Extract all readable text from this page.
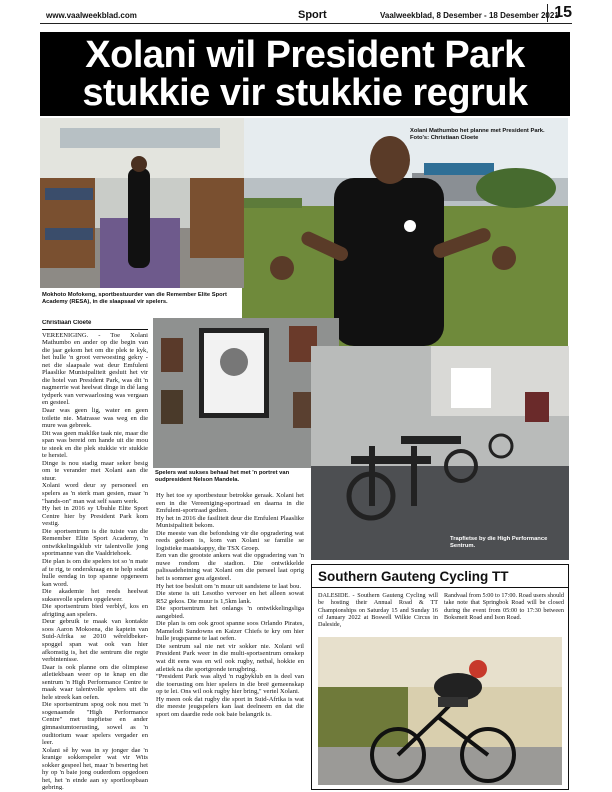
www.vaalweekblad.com	Sport	Vaalweekblad, 8 Desember - 18 Desember 2021
15
Xolani wil President Park
stukkie vir stukkie regruk
Xolani Mathumbo het planne met President Park. Foto's: Christiaan Cloete
Mokhoto Mofokeng, sportbestuurder van die Remember Elite Sport Academy (RESA), in die slaapsaal vir spelers.
Spelers wat sukses behaal het met 'n portret van oudpresident Nelson Mandela.
Trapfietse by die High Performance Sentrum.
Christiaan Cloete

VEREENIGING. - Toe Xolani Mathumbo en ander op die begin van die jaar gekom het om die plek te kyk, het hulle 'n groot verwoesting gekry - net die slaapsale wat deur Emfuleni Plaaslike Munisipaliteit gesluit het vir die hotel van President Park, was dit 'n nagmerrie wat heelwat dinge in dié lang tydperk van verwaarlosing was vergaan en gesteel.

Daar was geen lig, water en geen toilette nie. Matrasse was weg en die mure was gebreek.

Dit was geen maklike taak nie, maar die span was bereid om hande uit die mou te steek en die plek stukkie vir stukkie te herstel.

Dinge is nou stadig maar seker besig om te verander met Xolani aan die stuur.

Xolani word deur sy personeel en spelers as 'n sterk man gesien, maar 'n "hands-on" man wat self saam werk.

Hy het in 2016 sy Ubuhle Elite Sport Centre hier by President Park kom vestig.

Die sportsentrum is die tuiste van die Remember Elite Sport Academy, 'n ontwikkelingsklub vir talentvolle jong sportmanne van die Vaaldriehoek.

Die plan is om die spelers tot so 'n mate af te rig, te onderskraag en te help sodat hulle eendag in top spanne opgeneem kan word.

Die akademie het reeds heelwat suksesvolle spelers opgelewer.

Die sportsentrum bied verblyf, kos en afrigting aan spelers.

Deur gebruik te maak van kontakte soos Aaron Mokoena, die kaptein van Suid-Afrika se 2010 wêreldbeker-spoggel span wat ook van hier afkomstig is, het die sentrum die regte verbintenisse.

Daar is ook planne om die olimpiese atletiekbaan weer op te knap en die sentrum 'n High Performance Centre te maak waar talentvolle spelers uit die hele streek kan oefen.

Die sportsentrum spog ook nou met 'n sogenaamde "High Performance Centre" met trapfietse en ander gimnasiumtoerusting, sowel as 'n ouditorium waar spelers vergader en leer.

Xolani sê hy was in sy jonger dae 'n kranige sokkerspeler wat vir Wits sokker gespeel het, maar 'n besering het hy op 'n baie jong ouderdom opgedoen het, het 'n einde aan sy sportloopbaan gebring.

Hy het toe sy sportbestuur betrokke geraak. Xolani het een in die Vereeniging-sportraad en daarna in die Emfuleni-sportraad gedien.

Hy het in 2016 die fasiliteit deur die Emfuleni Plaaslike Munisipaliteit bekom.

Die meeste van die befondsing vir die opgradering wat reeds gedoen is, kom van Xolani se familie se logistieke maatskappy, die TSX Groep.

Een van die grootste ankers wat die opgradering van 'n nuwe rondom die stadion. Die ontwikkelde palissadeheining wat Xolani om die perseel laat oprig het is sommer gou afgesteel.

Hy het toe besluit om 'n muur uit sandstene te laat bou.

Die stene is uit Lesotho vervoer en het alleen sowat R52 gekos. Die muur is 1,5km lank.

Die sportsentrum het onlangs 'n ontwikkelingsliga aangebied.

Die plan is om ook groot spanne soos Orlando Pirates, Mamelodi Sundowns en Kaizer Chiefs te kry om hier hulle jeugspanne te laat oefen.

Die sentrum sal nie net vir sokker nie. Xolani wil President Park weer in die multi-sportsentrum omskep wat dit eens was en wil ook rugby, netbal, hokkie en atletiek na die sportgronde terugbring.

"President Park was altyd 'n rugbyklub en is deel van die toerusting om hier spelers in die breë gemeenskap op te lei. Ons wil ook rugby hier bring," vertel Xolani.

Hy meen ook dat rugby die sport in Suid-Afrika is wat die meeste jeugspelers kan laat deelneem en dat die sport om daardie rede ook baie belangrik is.

Southern Gauteng Cycling TT
DALESIDE. - Southern Gauteng Cycling will be hosting their Annual Road & TT Championships on Saturday 15 and Sunday 16 of January 2022 at Boswell Wilkie Circus in Daleside,
Randvaal from 5:00 to 17:00. Road users should take note that Springbok Road will be closed during the event from 05:00 to 17:30 between Boksmeit Road and Ison Road.
